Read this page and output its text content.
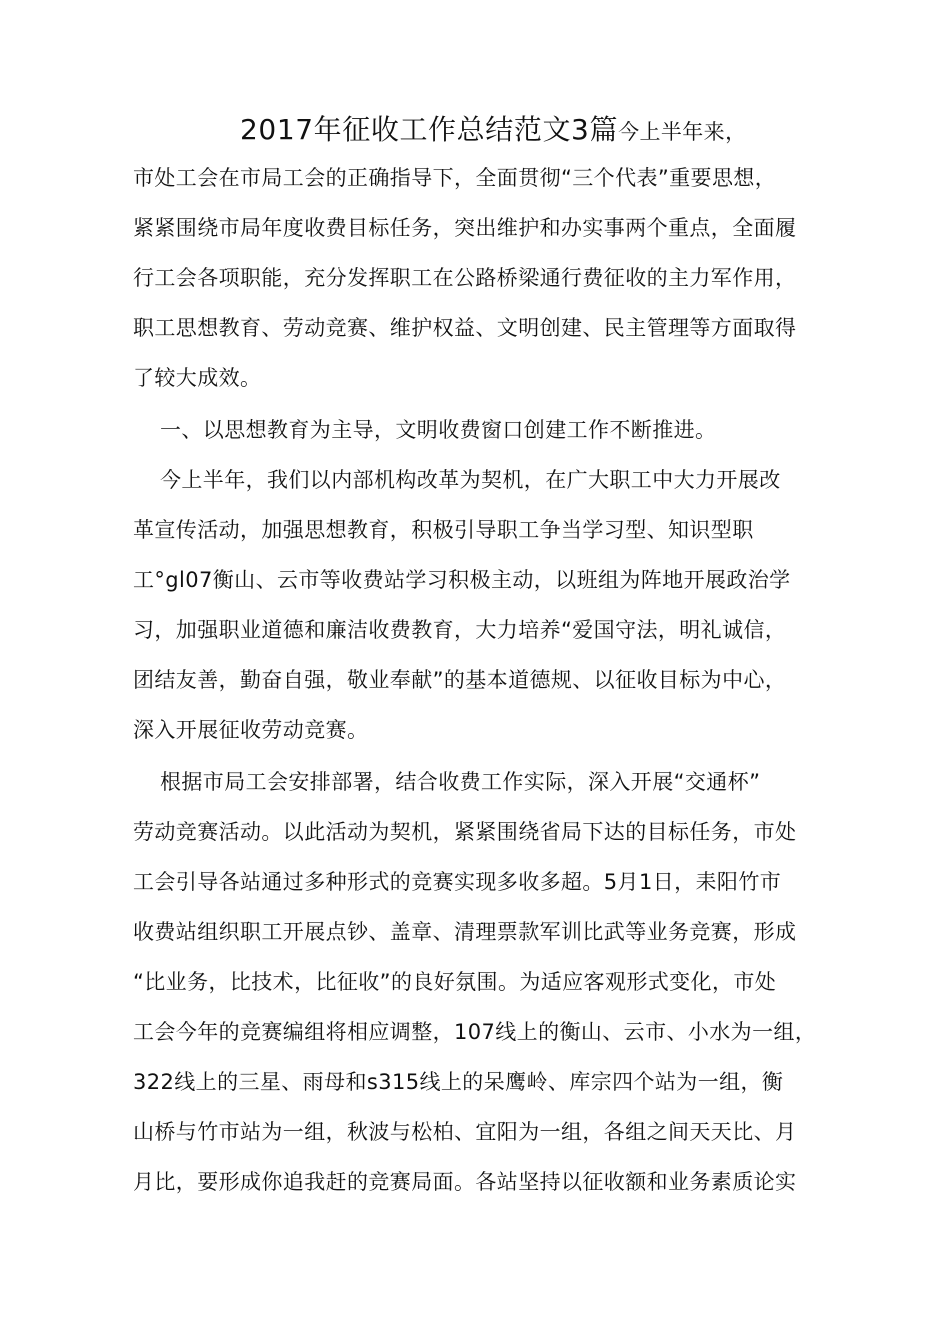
2017年征收工作总结范文3篇今上半年来，
市处工会在市局工会的正确指导下，全面贯彻“三个代表”重要思想，
紧紧围绕市局年度收费目标任务，突出维护和办实事两个重点，全面履
行工会各项职能，充分发挥职工在公路桥梁通行费征收的主力军作用，
职工思想教育、劳动竞赛、维护权益、文明创建、民主管理等方面取得
了较大成效。
一、以思想教育为主导，文明收费窗口创建工作不断推进。
今上半年，我们以内部机构改革为契机，在广大职工中大力开展改
革宣传活动，加强思想教育，积极引导职工争当学习型、知识型职
工°gl07衡山、云市等收费站学习积极主动，以班组为阵地开展政治学
习，加强职业道德和廉洁收费教育，大力培养“爱国守法，明礼诚信，
团结友善，勤奋自强，敬业奉献”的基本道德规、以征收目标为中心，
深入开展征收劳动竞赛。
根据市局工会安排部署，结合收费工作实际，深入开展“交通杯”
劳动竞赛活动。以此活动为契机，紧紧围绕省局下达的目标任务，市处
工会引导各站通过多种形式的竞赛实现多收多超。5月1日，耒阳竹市
收费站组织职工开展点钞、盖章、清理票款军训比武等业务竞赛，形成
“比业务，比技术，比征收”的良好氛围。为适应客观形式变化，市处
工会今年的竞赛编组将相应调整，107线上的衡山、云市、小水为一组，
322线上的三星、雨母和s315线上的呆鹰岭、库宗四个站为一组，衡
山桥与竹市站为一组，秋波与松柏、宜阳为一组，各组之间天天比、月
月比，要形成你追我赶的竞赛局面。各站坚持以征收额和业务素质论实
